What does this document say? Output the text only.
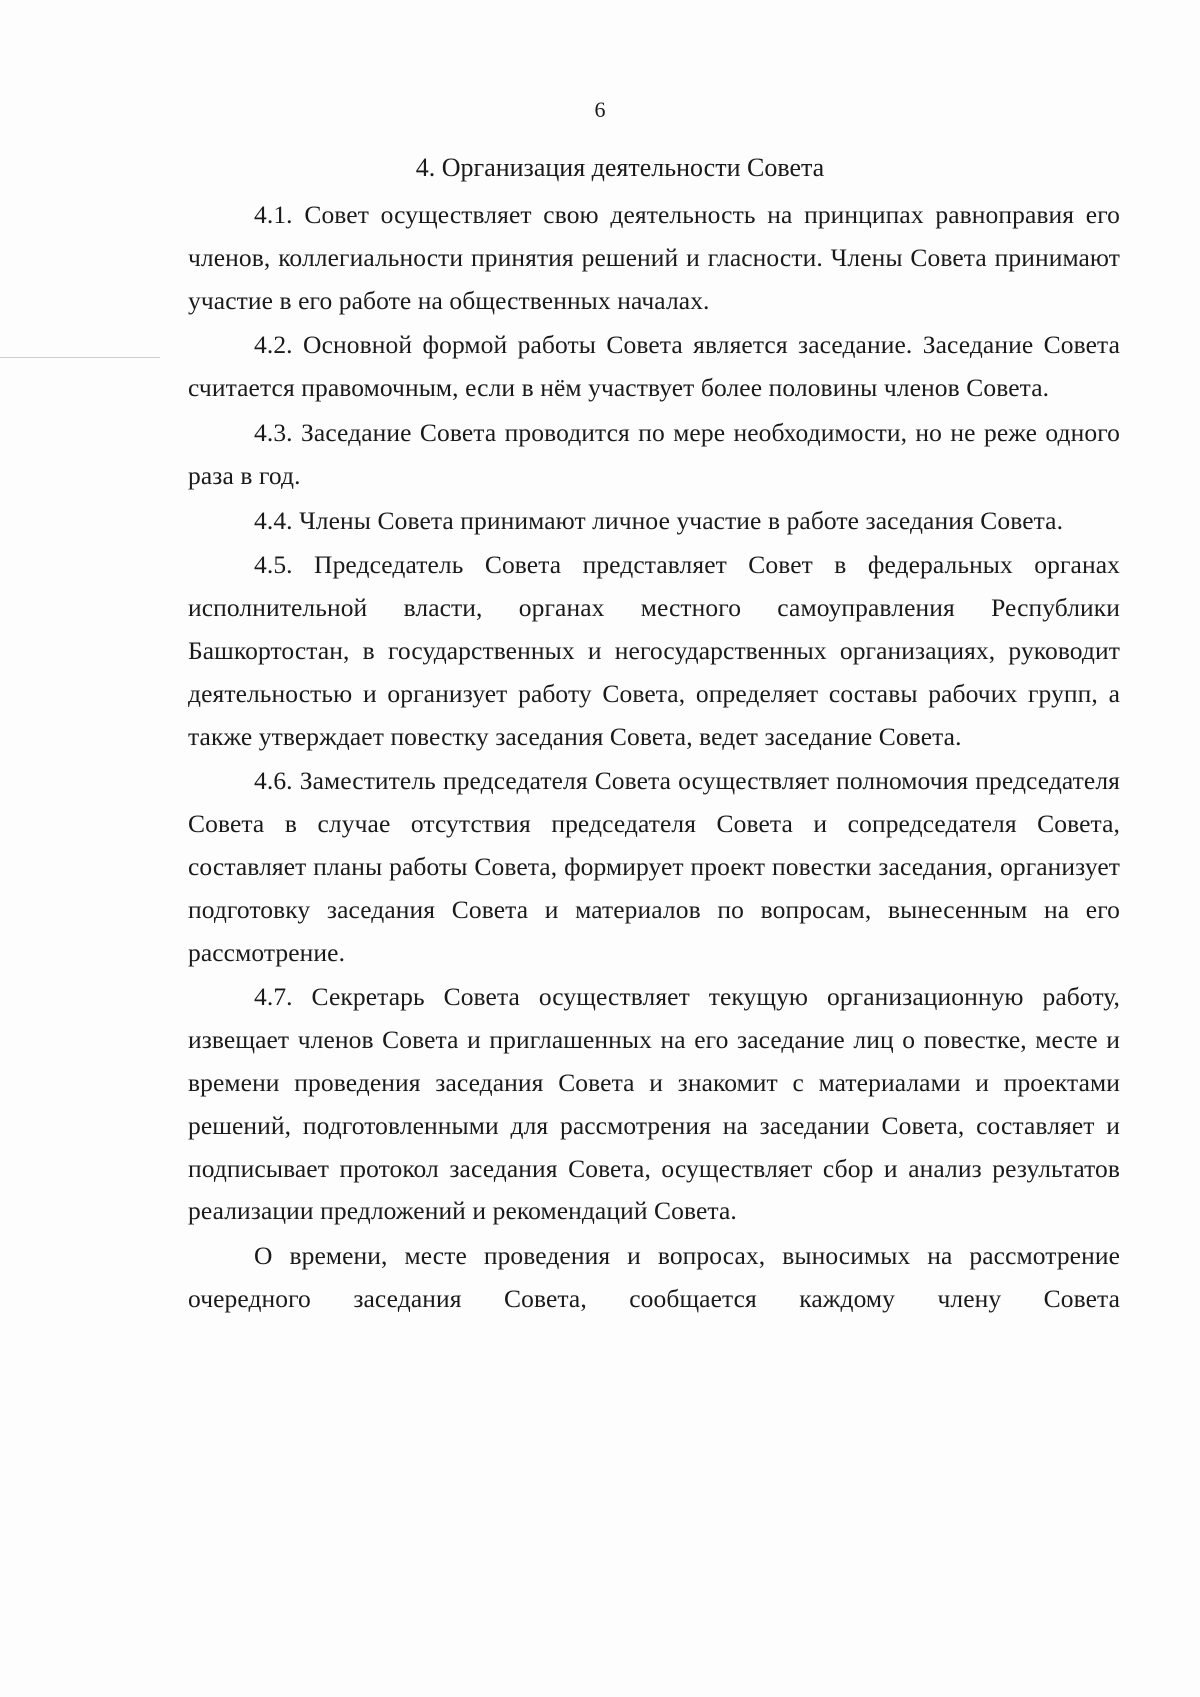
6
4. Организация деятельности Совета

4.1. Совет осуществляет свою деятельность на принципах равноправия его членов, коллегиальности принятия решений и гласности. Члены Совета принимают участие в его работе на общественных началах.

4.2. Основной формой работы Совета является заседание. Заседание Совета считается правомочным, если в нём участвует более половины членов Совета.

4.3. Заседание Совета проводится по мере необходимости, но не реже одного раза в год.

4.4. Члены Совета принимают личное участие в работе заседания Совета.

4.5. Председатель Совета представляет Совет в федеральных органах исполнительной власти, органах местного самоуправления Республики Башкортостан, в государственных и негосударственных организациях, руководит деятельностью и организует работу Совета, определяет составы рабочих групп, а также утверждает повестку заседания Совета, ведет заседание Совета.

4.6. Заместитель председателя Совета осуществляет полномочия председателя Совета в случае отсутствия председателя Совета и сопредседателя Совета, составляет планы работы Совета, формирует проект повестки заседания, организует подготовку заседания Совета и материалов по вопросам, вынесенным на его рассмотрение.

4.7. Секретарь Совета осуществляет текущую организационную работу, извещает членов Совета и приглашенных на его заседание лиц о повестке, месте и времени проведения заседания Совета и знакомит с материалами и проектами решений, подготовленными для рассмотрения на заседании Совета, составляет и подписывает протокол заседания Совета, осуществляет сбор и анализ результатов реализации предложений и рекомендаций Совета.

О времени, месте проведения и вопросах, выносимых на рассмотрение очередного заседания Совета, сообщается каждому члену Совета
